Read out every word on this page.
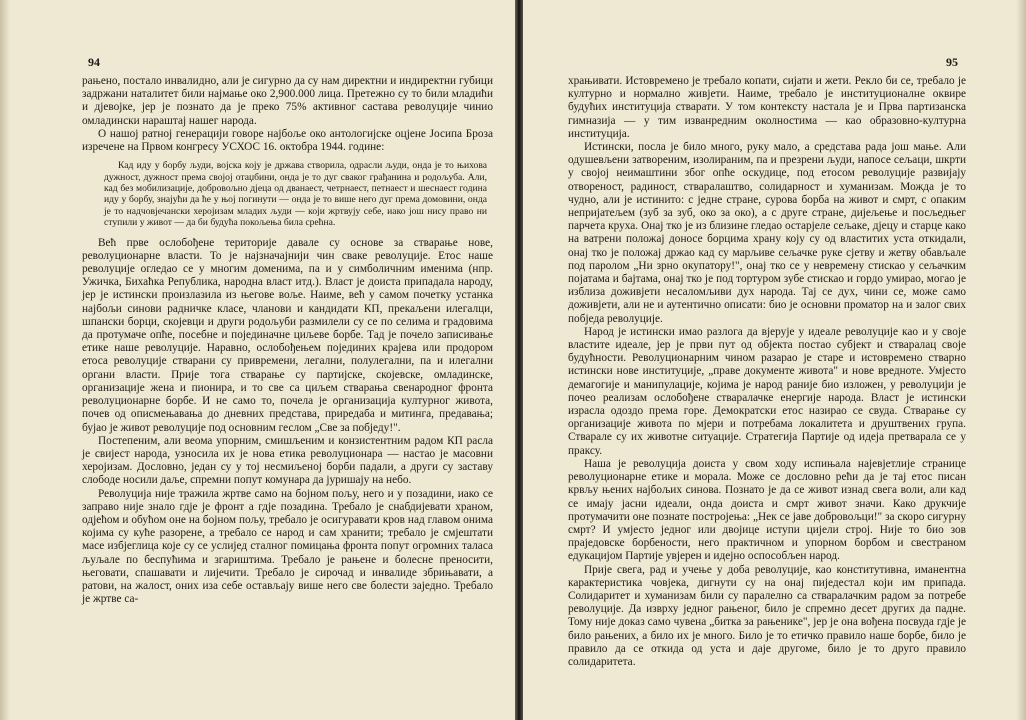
94

рањено, постало инвалидно, али је сигурно да су нам директни и индиректни губици задржани наталитет били најмање око 2,900.000 лица. Претежно су то били младићи и дјевојке, јер је познато да је преко 75% активног састава револуције чинио омладински нараштај нашег народа.

О нашој ратној генерацији говоре најбоље око антологијске оцјене Јосипа Броза изречене на Првом конгресу УСХОС 16. октобра 1944. године:

Кад иду у борбу људи, војска коју је држава створила, одрасли људи, онда је то њихова дужност, дужност према својој отаџбини, онда је то дуг сваког грађанина и родољуба. Али, кад без мобилизације, добровољно дјеца од дванаест, четрнаест, петнаест и шеснаест година иду у борбу, знајући да ће у њој погинути — онда је то више него дуг према домовини, онда је то надчовјечански херојизам младих људи — који жртвују себе, иако још нису право ни ступили у живот — да би будућа покољења била срећна.

Већ прве ослобођене територије давале су основе за стварање нове, револуционарне власти. То је најзначајнији чин сваке револуције. Етос наше револуције огледао се у многим доменима, па и у симболичним именима (нпр. Ужичка, Бихаћка Република, народна власт итд.). Власт је доиста припадала народу, јер је истински произлазила из његове воље. Наиме, већ у самом почетку устанка најбољи синови радничке класе, чланови и кандидати КП, прекаљени илегалци, шпански борци, скојевци и други родољуби размилели су се по селима и градовима да протумаче опће, посебне и појединачне циљеве борбе. Тад је почело записивање етике наше револуције. Наравно, ослобођењем појединих крајева или продором етоса револуције стварани су привремени, легални, полулегални, па и илегални органи власти. Прије тога стварање су партијске, скојевске, омладинске, организације жена и пионира, и то све са циљем стварања свенародног фронта револуционарне борбе. И не само то, почела је организација културног живота, почев од описмењавања до дневних представа, приредаба и митинга, предавања; бујао је живот револуције под основним геслом „Све за побједу!".

Постепеним, али веома упорним, смишљеним и конзистентним радом КП расла је свијест народа, узносила их је нова етика револуционара — настао је масовни херојизам. Дословно, један су у тој несмиљеној борби падали, а други су заставу слободе носили даље, спремни попут комунара да јуришају на небо.

Револуција није тражила жртве само на бојном пољу, него и у позадини, иако се заправо није знало гдје је фронт а гдје позадина. Требало је снабдијевати храном, одјећом и обућом оне на бојном пољу, требало је осигуравати кров над главом онима којима су куће разорене, а требало се народ и сам хранити; требало је смјештати масе избјеглица које су се услијед сталног помицања фронта попут огромних таласа љуљале по беспућима и згариштима. Требало је рањене и болесне преносити, његовати, спашавати и лијечити. Требало је сирочад и инвалиде збрињавати, а ратови, на жалост, оних иза себе остављају више него све болести заједно. Требало је жртве са-

95

храњивати. Истовремено је требало копати, сијати и жети. Рекло би се, требало је културно и нормално живјети. Наиме, требало је институционалне оквире будућих институција стварати. У том контексту настала је и Прва партизанска гимназија — у тим изванредним околностима — као образовно-културна институција.

Истински, посла је било много, руку мало, а средстава рада још мање. Али одушевљени затвореним, изолираним, па и презрени људи, напосе сељаци, шкрти у својој неимаштини због опће оскудице, под етосом револуције развијају отвореност, радиност, стваралаштво, солидарност и хуманизам. Можда је то чудно, али је истинито: с једне стране, сурова борба на живот и смрт, с опаким непријатељем (зуб за зуб, око за око), а с друге стране, дијељење и посљедњег парчета круха. Онај тко је из близине гледао остарјеле сељаке, дјецу и старце како на ватрени положај доносе борцима храну коју су од властитих уста откидали, онај тко је положај држао кад су марљиве сељачке руке сјетву и жетву обављале под паролом „Ни зрно окупатору!", онај тко се у невремену стискао у сељачким појатама и бајтама, онај тко је под тортуром зубе стискао и гордо умирао, могао је изблиза доживјети несаломљиви дух народа. Тај се дух, чини се, може само доживјети, али не и аутентично описати: био је основни проматор на и залог свих побједа револуције.

Народ је истински имао разлога да вјерује у идеале револуције као и у своје властите идеале, јер је први пут од објекта постао субјект и стваралац своје будућности. Револуционарним чином разарао је старе и истовремено стварно истински нове институције, „праве документе живота" и нове вредноте. Умјесто демагогије и манипулације, којима је народ раније био изложен, у револуцији је почео реализам ослобођене стваралачке енергије народа. Власт је истински израсла одоздо према горе. Демократски етос назирао се свуда. Стварање су организације живота по мјери и потребама локалитета и друштвених група. Стварале су их животне ситуације. Стратегија Партије од идеја претварала се у праксу.

Наша је револуција доиста у свом ходу испињала најевјетлије странице револуционарне етике и морала. Може се дословно рећи да је тај етос писан крвљу њених најбољих синова. Познато је да се живот изнад свега воли, али кад се имају јасни идеали, онда доиста и смрт живот значи. Како друкчије протумачити оне познате постројења: „Нек се јаве добровољци!" за скоро сигурну смрт? И умјесто једног или двојице иступи цијели строј. Није то био зов праједовске борбености, него практичном и упорном борбом и свестраном едукацијом Партије увјерен и идејно оспособљен народ.

Прије свега, рад и учење у доба револуције, као конститутивна, иманентна карактеристика човјека, дигнути су на онај пиједестал који им припада. Солидаритет и хуманизам били су паралелно са стваралачким радом за потребе револуције. Да изврху једног рањеног, било је спремно десет других да падне. Тому није доказ само чувена „битка за рањенике", јер је она вођена посвуда гдје је било рањених, а било их је много. Било је то етичко правило наше борбе, било је правило да се откида од уста и даје другоме, било је то друго правило солидаритета.
